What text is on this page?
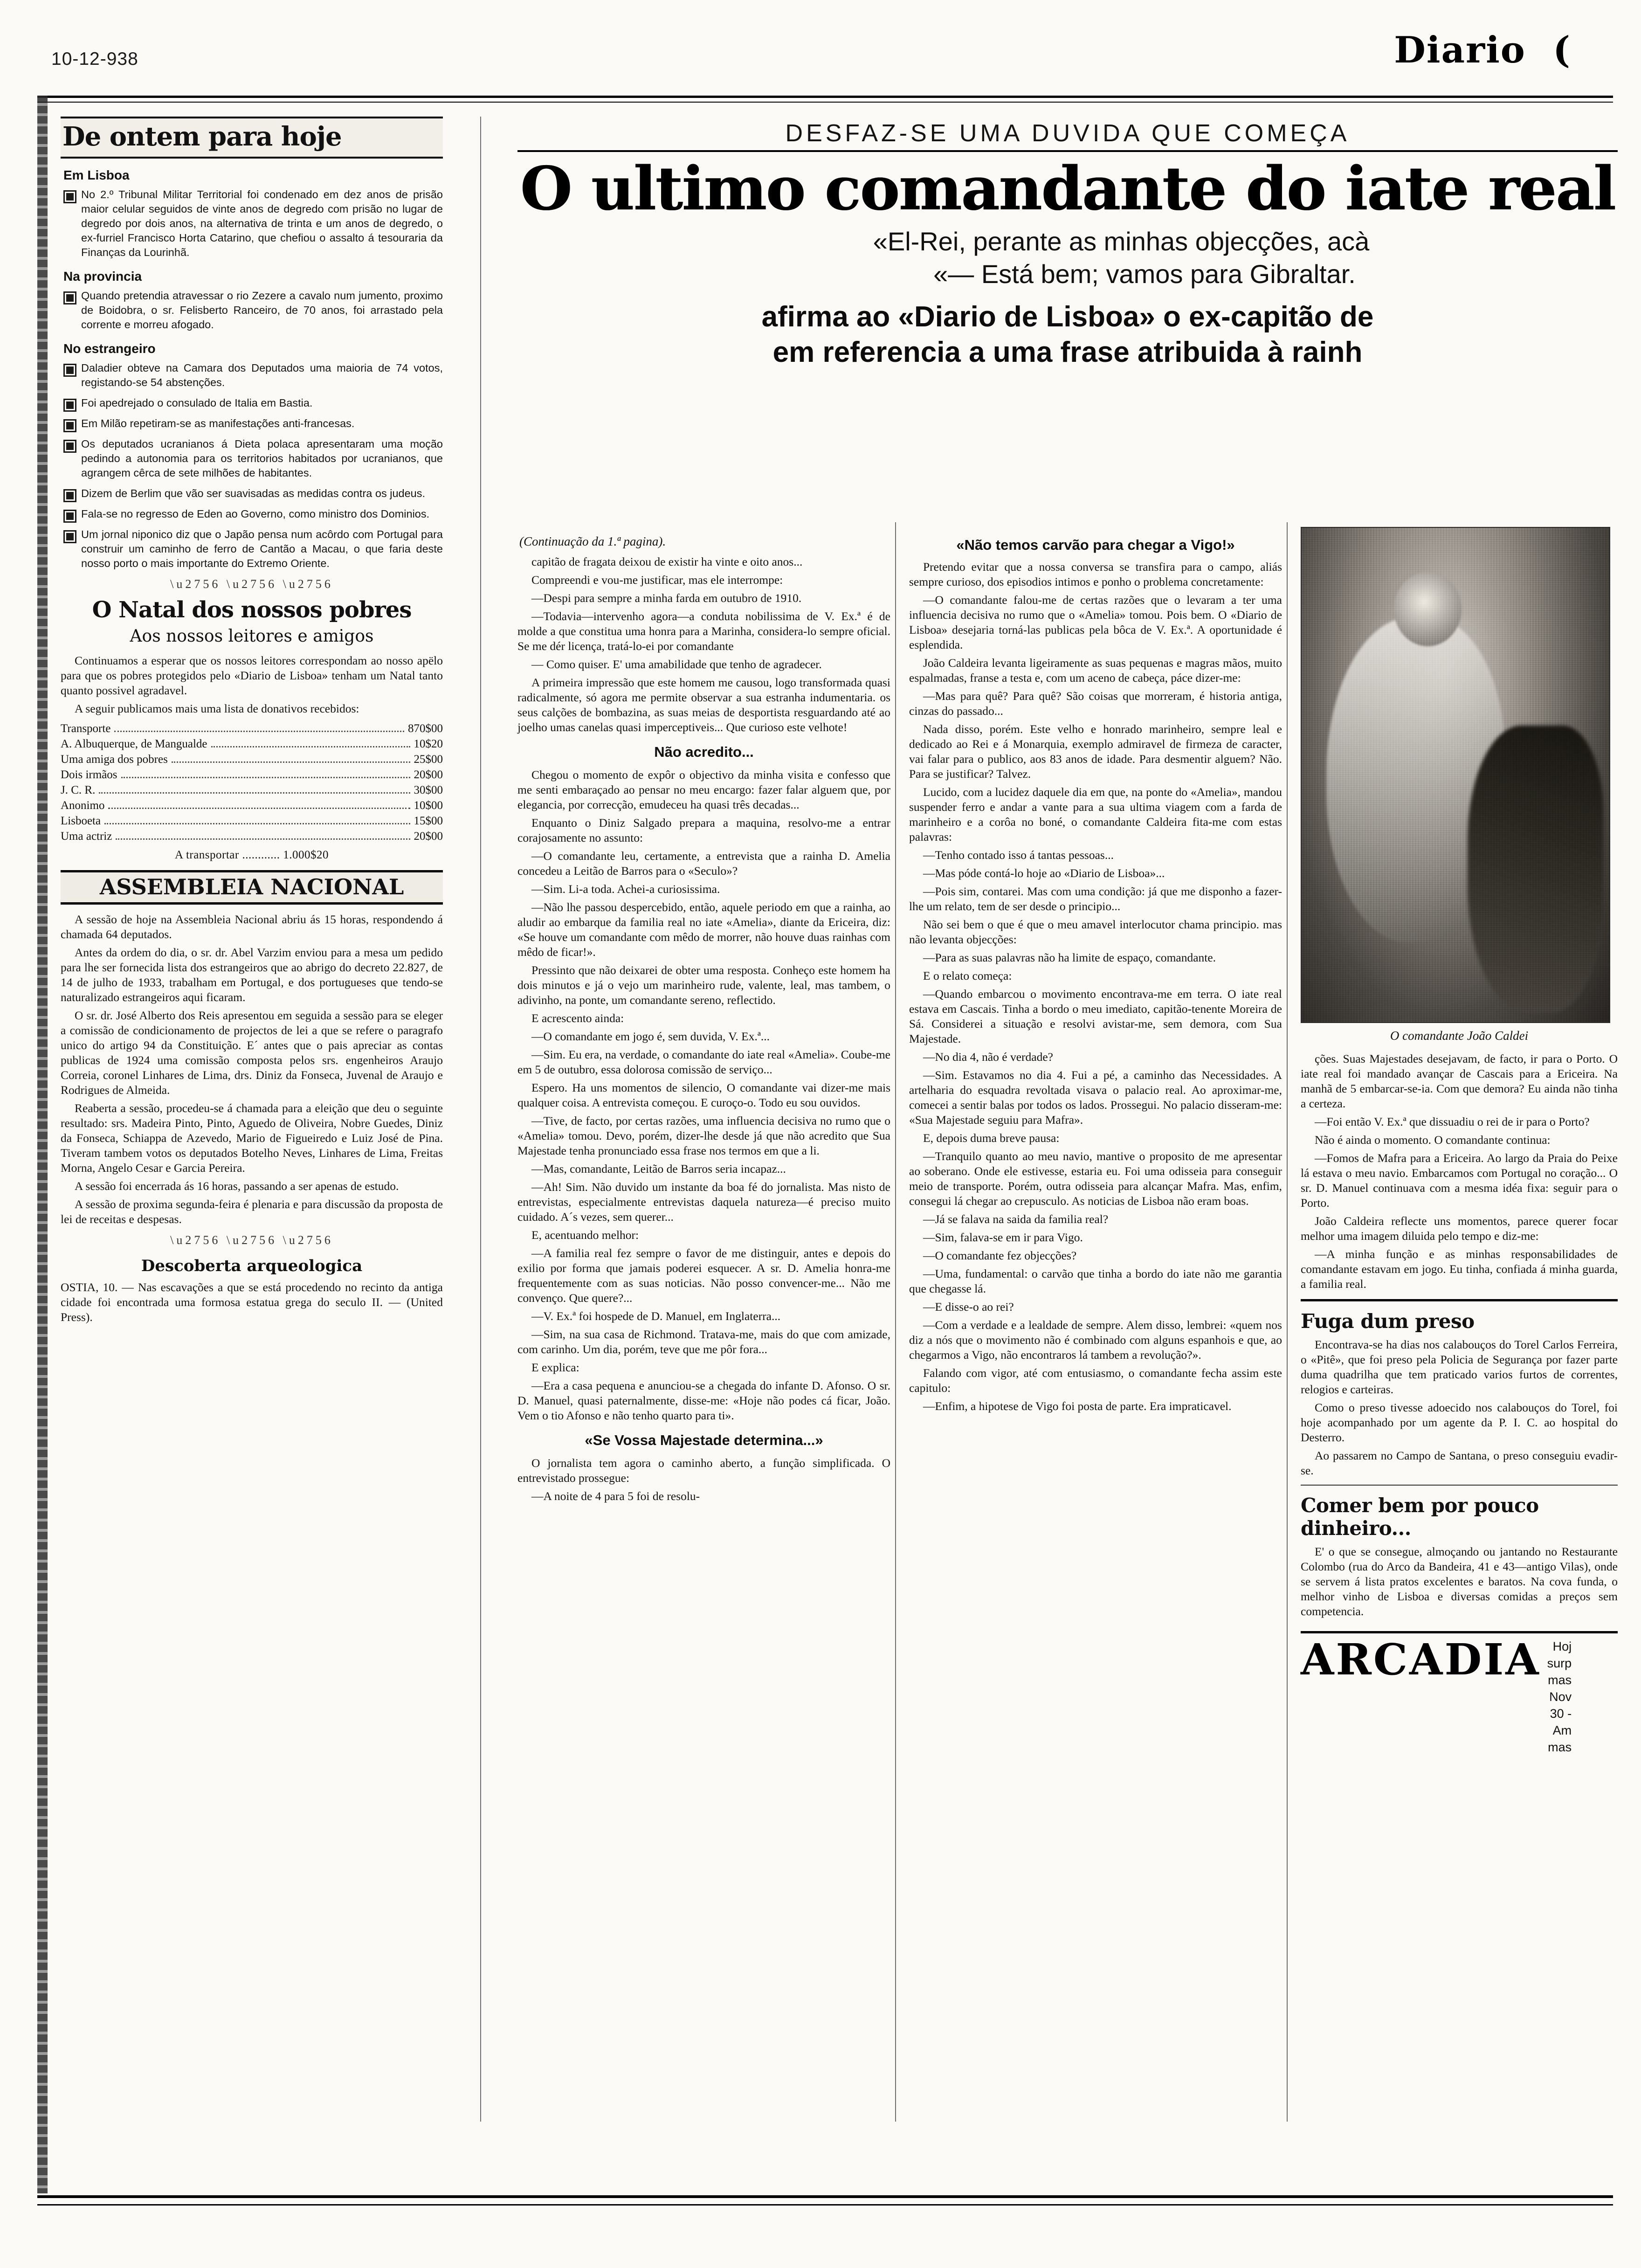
10-12-938	Diario  (
DESFAZ-SE UMA DUVIDA QUE COMEÇA
O ultimo comandante do iate real
«El-Rei, perante as minhas objecções, acà
«— Está bem; vamos para Gibraltar.
afirma ao «Diario de Lisboa» o ex-capitão de
em referencia a uma frase atribuida à rainh
De ontem para hoje
Em Lisboa
No 2.º Tribunal Militar Territorial foi condenado em dez anos de prisão maior celular seguidos de vinte anos de degredo com prisão no lugar de degredo por dois anos, na alternativa de trinta e um anos de degredo, o ex-furriel Francisco Horta Catarino, que chefiou o assalto á tesouraria da Finanças da Lourinhã.
Na provincia
Quando pretendia atravessar o rio Zezere a cavalo num jumento, proximo de Boidobra, o sr. Felisberto Ranceiro, de 70 anos, foi arrastado pela corrente e morreu afogado.
No estrangeiro
Daladier obteve na Camara dos Deputados uma maioria de 74 votos, registando-se 54 abstenções.
Foi apedrejado o consulado de Italia em Bastia.
Em Milão repetiram-se as manifestações anti-francesas.
Os deputados ucranianos á Dieta polaca apresentaram uma moção pedindo a autonomia para os territorios habitados por ucranianos, que agrangem cêrca de sete milhões de habitantes.
Dizem de Berlim que vão ser suavisadas as medidas contra os judeus.
Fala-se no regresso de Eden ao Governo, como ministro dos Dominios.
Um jornal niponico diz que o Japão pensa num acôrdo com Portugal para construir um caminho de ferro de Cantão a Macau, o que faria deste nosso porto o mais importante do Extremo Oriente.
\u2756 \u2756 \u2756
O Natal dos nossos pobres
Aos nossos leitores e amigos

Continuamos a esperar que os nossos leitores correspondam ao nosso apëlo para que os pobres protegidos pelo «Diario de Lisboa» tenham um Natal tanto quanto possivel agradavel.

A seguir publicamos mais uma lista de donativos recebidos:

Transporte	870$00
A. Albuquerque, de Mangualde	10$20
Uma amiga dos pobres	25$00
Dois irmãos	20$00
J. C. R.	30$00
Anonimo	10$00
Lisboeta	15$00
Uma actriz	20$00
A transportar ............ 1.000$20
ASSEMBLEIA NACIONAL

A sessão de hoje na Assembleia Nacional abriu ás 15 horas, respondendo á chamada 64 deputados.

Antes da ordem do dia, o sr. dr. Abel Varzim enviou para a mesa um pedido para lhe ser fornecida lista dos estrangeiros que ao abrigo do decreto 22.827, de 14 de julho de 1933, trabalham em Portugal, e dos portugueses que tendo-se naturalizado estrangeiros aqui ficaram.

O sr. dr. José Alberto dos Reis apresentou em seguida a sessão para se eleger a comissão de condicionamento de projectos de lei a que se refere o paragrafo unico do artigo 94 da Constituição. E´ antes que o pais apreciar as contas publicas de 1924 uma comissão composta pelos srs. engenheiros Araujo Correia, coronel Linhares de Lima, drs. Diniz da Fonseca, Juvenal de Araujo e Rodrigues de Almeida.

Reaberta a sessão, procedeu-se á chamada para a eleição que deu o seguinte resultado: srs. Madeira Pinto, Pinto, Aguedo de Oliveira, Nobre Guedes, Diniz da Fonseca, Schiappa de Azevedo, Mario de Figueiredo e Luiz José de Pina. Tiveram tambem votos os deputados Botelho Neves, Linhares de Lima, Freitas Morna, Angelo Cesar e Garcia Pereira.

A sessão foi encerrada ás 16 horas, passando a ser apenas de estudo.

A sessão de proxima segunda-feira é plenaria e para discussão da proposta de lei de receitas e despesas.

\u2756 \u2756 \u2756
Descoberta arqueologica

OSTIA, 10. — Nas escavações a que se está procedendo no recinto da antiga cidade foi encontrada uma formosa estatua grega do seculo II. — (United Press).

(Continuação da 1.ª pagina).

capitão de fragata deixou de existir ha vinte e oito anos...

Compreendi e vou-me justificar, mas ele interrompe:

—Despi para sempre a minha farda em outubro de 1910.

—Todavia—intervenho agora—a conduta nobilissima de V. Ex.ª é de molde a que constitua uma honra para a Marinha, considera-lo sempre oficial. Se me dér licença, tratá-lo-ei por comandante

— Como quiser. E' uma amabilidade que tenho de agradecer.

A primeira impressão que este homem me causou, logo transformada quasi radicalmente, só agora me permite observar a sua estranha indumentaria. os seus calções de bombazina, as suas meias de desportista resguardando até ao joelho umas canelas quasi imperceptiveis... Que curioso este velhote!

Não acredito...

Chegou o momento de expôr o objectivo da minha visita e confesso que me senti embaraçado ao pensar no meu encargo: fazer falar alguem que, por elegancia, por correcção, emudeceu ha quasi três decadas...

Enquanto o Diniz Salgado prepara a maquina, resolvo-me a entrar corajosamente no assunto:

—O comandante leu, certamente, a entrevista que a rainha D. Amelia concedeu a Leitão de Barros para o «Seculo»?

—Sim. Li-a toda. Achei-a curiosissima.

—Não lhe passou despercebido, então, aquele periodo em que a rainha, ao aludir ao embarque da familia real no iate «Amelia», diante da Ericeira, diz: «Se houve um comandante com mêdo de morrer, não houve duas rainhas com mêdo de ficar!».

Pressinto que não deixarei de obter uma resposta. Conheço este homem ha dois minutos e já o vejo um marinheiro rude, valente, leal, mas tambem, o adivinho, na ponte, um comandante sereno, reflectido.

E acrescento ainda:

—O comandante em jogo é, sem duvida, V. Ex.ª...

—Sim. Eu era, na verdade, o comandante do iate real «Amelia». Coube-me em 5 de outubro, essa dolorosa comissão de serviço...

Espero. Ha uns momentos de silencio, O comandante vai dizer-me mais qualquer coisa. A entrevista começou. E curoço-o. Todo eu sou ouvidos.

—Tive, de facto, por certas razões, uma influencia decisiva no rumo que o «Amelia» tomou. Devo, porém, dizer-lhe desde já que não acredito que Sua Majestade tenha pronunciado essa frase nos termos em que a li.

—Mas, comandante, Leitão de Barros seria incapaz...

—Ah! Sim. Não duvido um instante da boa fé do jornalista. Mas nisto de entrevistas, especialmente entrevistas daquela natureza—é preciso muito cuidado. A´s vezes, sem querer...

E, acentuando melhor:

—A familia real fez sempre o favor de me distinguir, antes e depois do exilio por forma que jamais poderei esquecer. A sr. D. Amelia honra-me frequentemente com as suas noticias. Não posso convencer-me... Não me convenço. Que quere?...

—V. Ex.ª foi hospede de D. Manuel, em Inglaterra...

—Sim, na sua casa de Richmond. Tratava-me, mais do que com amizade, com carinho. Um dia, porém, teve que me pôr fora...

E explica:

—Era a casa pequena e anunciou-se a chegada do infante D. Afonso. O sr. D. Manuel, quasi paternalmente, disse-me: «Hoje não podes cá ficar, João. Vem o tio Afonso e não tenho quarto para ti».

«Se Vossa Majestade determina...»

O jornalista tem agora o caminho aberto, a função simplificada. O entrevistado prossegue:

—A noite de 4 para 5 foi de resolu-

«Não temos carvão para chegar a Vigo!»

Pretendo evitar que a nossa conversa se transfira para o campo, aliás sempre curioso, dos episodios intimos e ponho o problema concretamente:

—O comandante falou-me de certas razões que o levaram a ter uma influencia decisiva no rumo que o «Amelia» tomou. Pois bem. O «Diario de Lisboa» desejaria torná-las publicas pela bôca de V. Ex.ª. A oportunidade é esplendida.

João Caldeira levanta ligeiramente as suas pequenas e magras mãos, muito espalmadas, franse a testa e, com um aceno de cabeça, páce dizer-me:

—Mas para quê? Para quê? São coisas que morreram, é historia antiga, cinzas do passado...

Nada disso, porém. Este velho e honrado marinheiro, sempre leal e dedicado ao Rei e á Monarquia, exemplo admiravel de firmeza de caracter, vai falar para o publico, aos 83 anos de idade. Para desmentir alguem? Não. Para se justificar? Talvez.

Lucido, com a lucidez daquele dia em que, na ponte do «Amelia», mandou suspender ferro e andar a vante para a sua ultima viagem com a farda de marinheiro e a corôa no boné, o comandante Caldeira fita-me com estas palavras:

—Tenho contado isso á tantas pessoas...

—Mas póde contá-lo hoje ao «Diario de Lisboa»...

—Pois sim, contarei. Mas com uma condição: já que me disponho a fazer-lhe um relato, tem de ser desde o principio...

Não sei bem o que é que o meu amavel interlocutor chama principio. mas não levanta objecções:

—Para as suas palavras não ha limite de espaço, comandante.

E o relato começa:

—Quando embarcou o movimento encontrava-me em terra. O iate real estava em Cascais. Tinha a bordo o meu imediato, capitão-tenente Moreira de Sá. Considerei a situação e resolvi avistar-me, sem demora, com Sua Majestade.

—No dia 4, não é verdade?

—Sim. Estavamos no dia 4. Fui a pé, a caminho das Necessidades. A artelharia do esquadra revoltada visava o palacio real. Ao aproximar-me, comecei a sentir balas por todos os lados. Prossegui. No palacio disseram-me: «Sua Majestade seguiu para Mafra».

E, depois duma breve pausa:

—Tranquilo quanto ao meu navio, mantive o proposito de me apresentar ao soberano. Onde ele estivesse, estaria eu. Foi uma odisseia para conseguir meio de transporte. Porém, outra odisseia para alcançar Mafra. Mas, enfim, consegui lá chegar ao crepusculo. As noticias de Lisboa não eram boas.

—Já se falava na saida da familia real?

—Sim, falava-se em ir para Vigo.

—O comandante fez objecções?

—Uma, fundamental: o carvão que tinha a bordo do iate não me garantia que chegasse lá.

—E disse-o ao rei?

—Com a verdade e a lealdade de sempre. Alem disso, lembrei: «quem nos diz a nós que o movimento não é combinado com alguns espanhois e que, ao chegarmos a Vigo, não encontraros lá tambem a revolução?».

Falando com vigor, até com entusiasmo, o comandante fecha assim este capitulo:

—Enfim, a hipotese de Vigo foi posta de parte. Era impraticavel.

O comandante João Caldei

ções. Suas Majestades desejavam, de facto, ir para o Porto. O iate real foi mandado avançar de Cascais para a Ericeira. Na manhã de 5 embarcar-se-ia. Com que demora? Eu ainda não tinha a certeza.

—Foi então V. Ex.ª que dissuadiu o rei de ir para o Porto?

Não é ainda o momento. O comandante continua:

—Fomos de Mafra para a Ericeira. Ao largo da Praia do Peixe lá estava o meu navio. Embarcamos com Portugal no coração... O sr. D. Manuel continuava com a mesma idéa fixa: seguir para o Porto.

João Caldeira reflecte uns momentos, parece querer focar melhor uma imagem diluida pelo tempo e diz-me:

—A minha função e as minhas responsabilidades de comandante estavam em jogo. Eu tinha, confiada á minha guarda, a familia real.

Fuga dum preso

Encontrava-se ha dias nos calabouços do Torel Carlos Ferreira, o «Pitê», que foi preso pela Policia de Segurança por fazer parte duma quadrilha que tem praticado varios furtos de correntes, relogios e carteiras.

Como o preso tivesse adoecido nos calabouços do Torel, foi hoje acompanhado por um agente da P. I. C. ao hospital do Desterro.

Ao passarem no Campo de Santana, o preso conseguiu evadir-se.

Comer bem por pouco dinheiro...

E' o que se consegue, almoçando ou jantando no Restaurante Colombo (rua do Arco da Bandeira, 41 e 43—antigo Vilas), onde se servem á lista pratos excelentes e baratos. Na cova funda, o melhor vinho de Lisboa e diversas comidas a preços sem competencia.

ARCADIA Hoj
surp
mas
Nov
30 -
Am
mas
